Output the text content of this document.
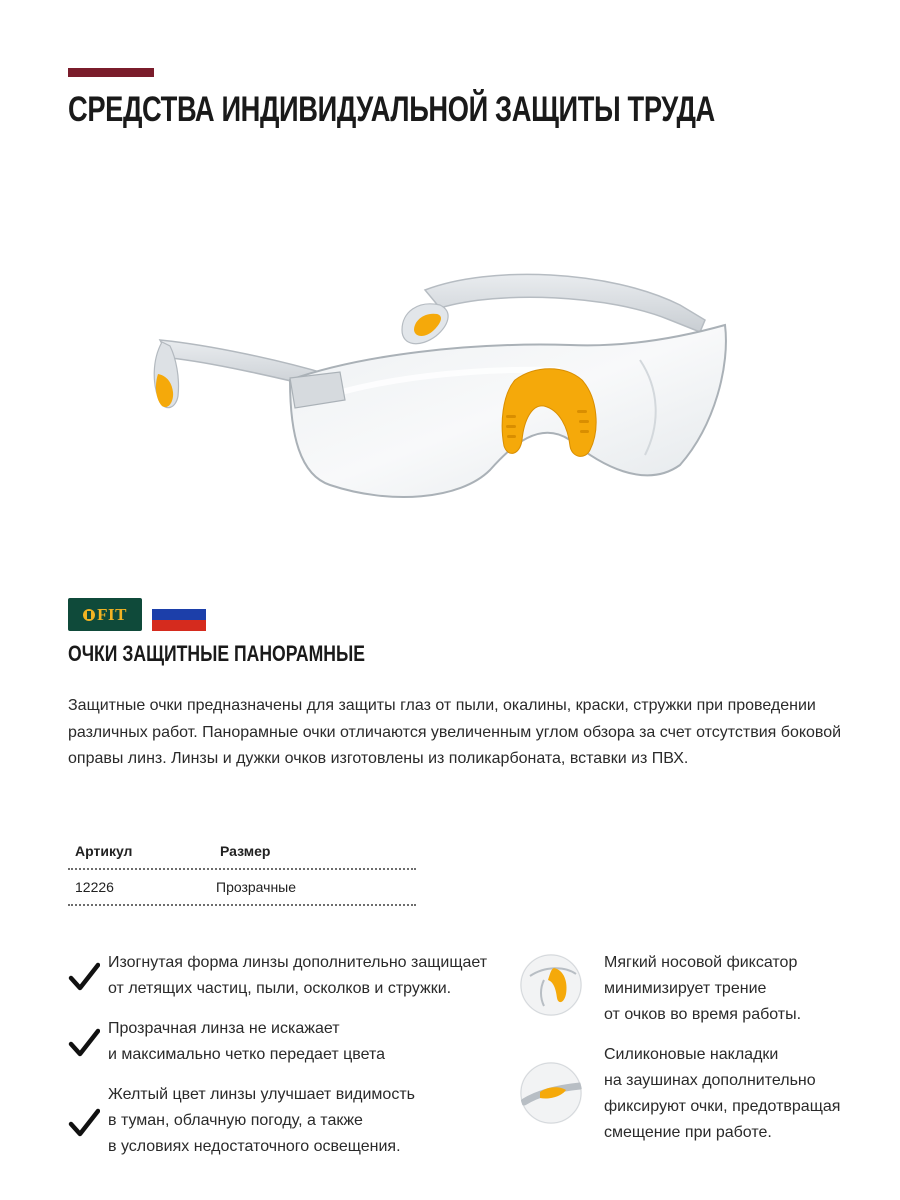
СРЕДСТВА ИНДИВИДУАЛЬНОЙ ЗАЩИТЫ ТРУДА
FIT
ОЧКИ ЗАЩИТНЫЕ ПАНОРАМНЫЕ

Защитные очки предназначены для защиты глаз от пыли, окалины, краски, стружки при проведении различных работ. Панорамные очки отличаются увеличенным углом обзора за счет отсутствия боковой оправы линз. Линзы и дужки очков изготовлены из поликарбоната, вставки из ПВХ.

Артикул	Размер
12226	Прозрачные

Изогнутая форма линзы дополнительно защищает
от летящих частиц, пыли, осколков и стружки.

Прозрачная линза не искажает
и максимально четко передает цвета

Желтый цвет линзы улучшает видимость
в туман, облачную погоду, а также
в условиях недостаточного освещения.

Мягкий носовой фиксатор
минимизирует трение
от очков во время работы.

Силиконовые накладки
на заушинах дополнительно
фиксируют очки, предотвращая
смещение при работе.
